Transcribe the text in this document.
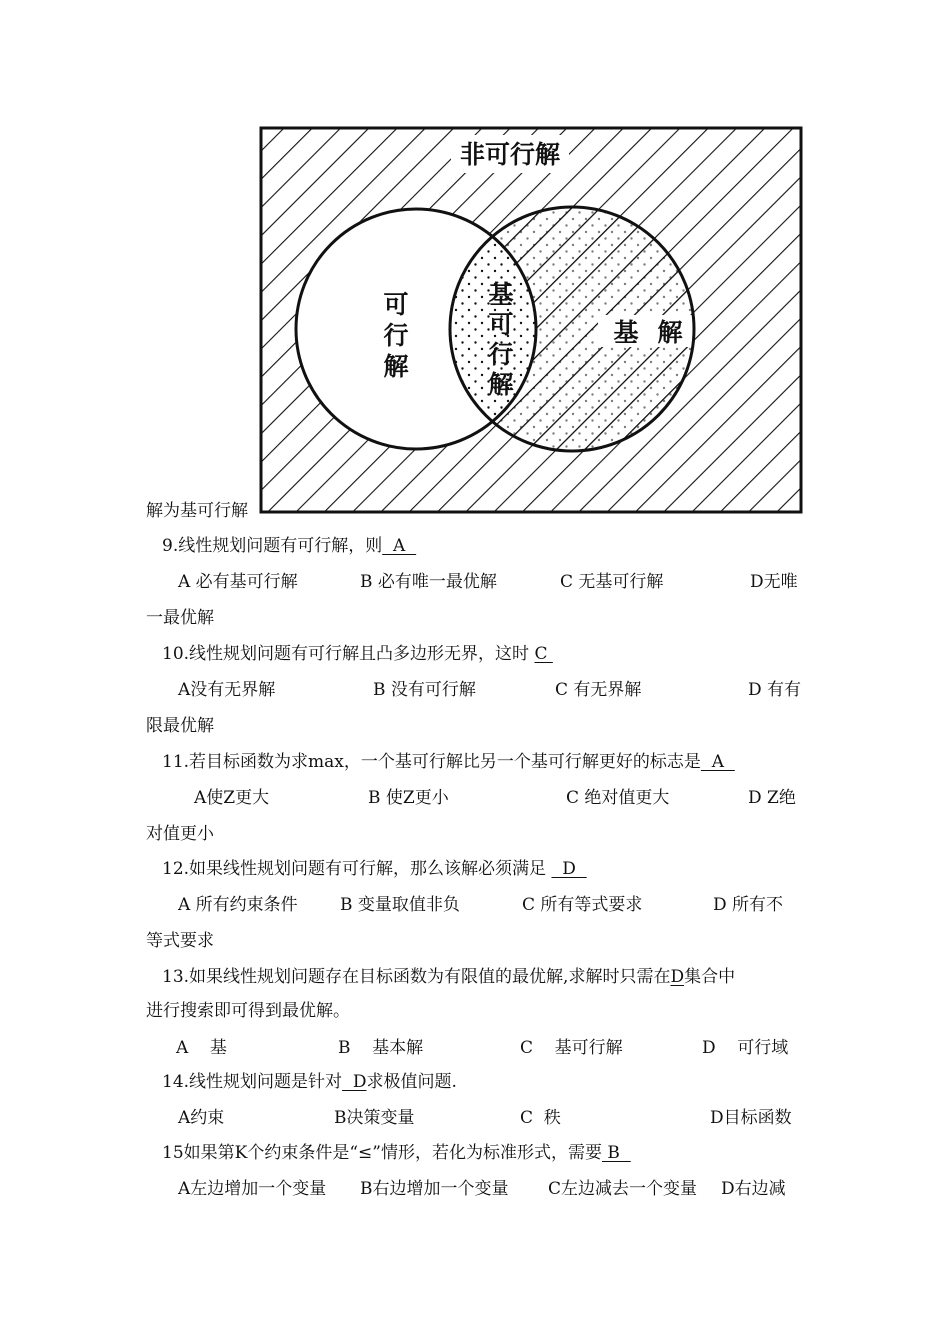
非可行解
可
行
解
基
可
行
解
基 解
解为基可行解
9.线性规划问题有可行解，则  A
A 必有基可行解	B 必有唯一最优解	C 无基可行解	D无唯
一最优解
10.线性规划问题有可行解且凸多边形无界，这时 C
A没有无界解	B 没有可行解	C 有无界解	D 有有
限最优解
11.若目标函数为求max，一个基可行解比另一个基可行解更好的标志是  A
A使Z更大	B 使Z更小	C 绝对值更大	D Z绝
对值更小
12.如果线性规划问题有可行解，那么该解必须满足   D
A 所有约束条件 B 变量取值非负	C 所有等式要求	D 所有不
等式要求
13.如果线性规划问题存在目标函数为有限值的最优解,求解时只需在D集合中
进行搜索即可得到最优解。
A    基	B    基本解	C    基可行解	D    可行域
14.线性规划问题是针对  D求极值问题.
A约束	B决策变量	C  秩	D目标函数
15如果第K个约束条件是“≤”情形，若化为标准形式，需要 B
A左边增加一个变量 B右边增加一个变量 C左边减去一个变量 D右边减
